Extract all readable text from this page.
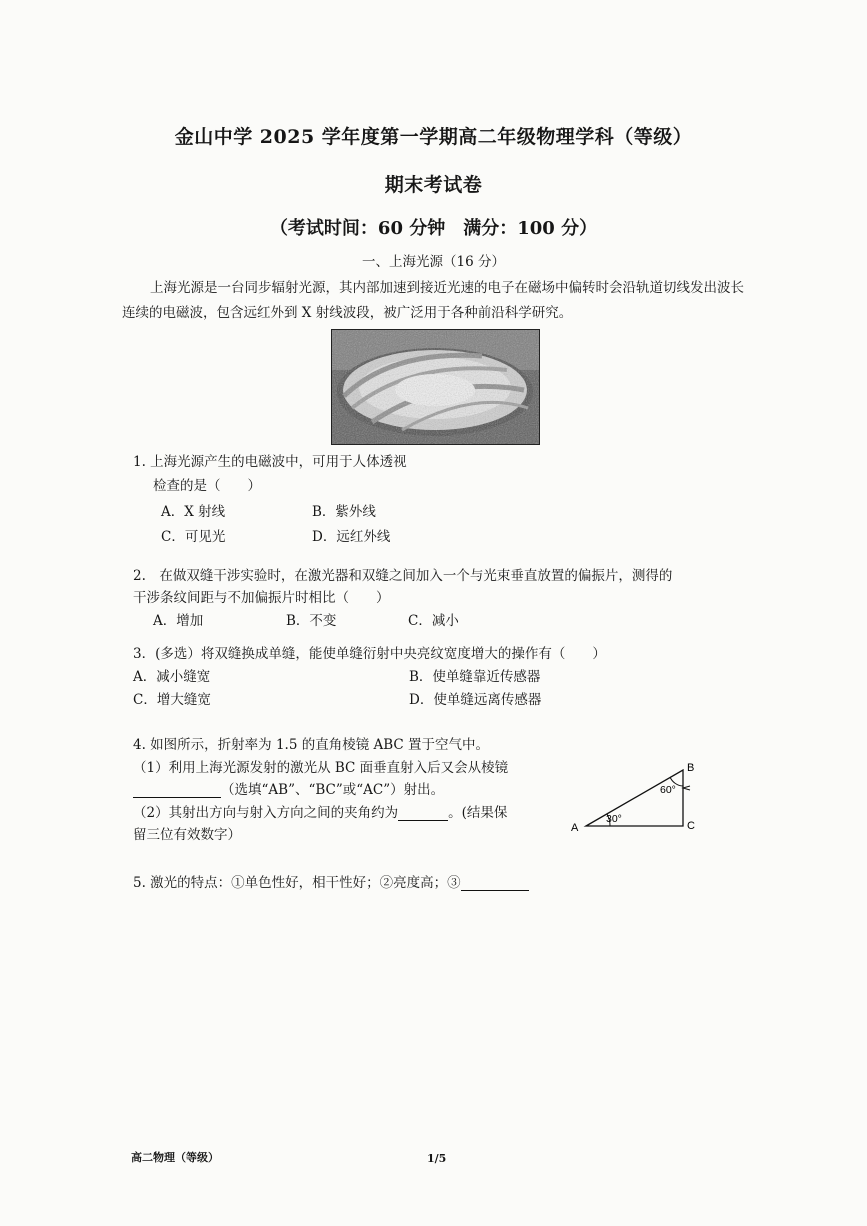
金山中学 2025 学年度第一学期高二年级物理学科（等级）
期末考试卷
（考试时间：60 分钟　满分：100 分）
一、上海光源（16 分）
上海光源是一台同步辐射光源，其内部加速到接近光速的电子在磁场中偏转时会沿轨道切线发出波长连续的电磁波，包含远红外到 X 射线波段，被广泛用于各种前沿科学研究。
1. 上海光源产生的电磁波中，可用于人体透视
检查的是（　　）
A．X 射线	B．紫外线
C．可见光	D．远红外线
2.　在做双缝干涉实验时，在激光器和双缝之间加入一个与光束垂直放置的偏振片，测得的
干涉条纹间距与不加偏振片时相比（　　）
A．增加	B．不变	C．减小
3．(多选）将双缝换成单缝，能使单缝衍射中央亮纹宽度增大的操作有（　　）
A．减小缝宽	B．使单缝靠近传感器
C．增大缝宽	D．使单缝远离传感器
4. 如图所示，折射率为 1.5 的直角棱镜 ABC 置于空气中。
（1）利用上海光源发射的激光从 BC 面垂直射入后又会从棱镜
（选填“AB”、“BC”或“AC”）射出。
（2）其射出方向与射入方向之间的夹角约为	。(结果保
留三位有效数字）	A
B
C
30°
60°
5. 激光的特点：①单色性好，相干性好；②亮度高；③
高二物理（等级）	1/5
